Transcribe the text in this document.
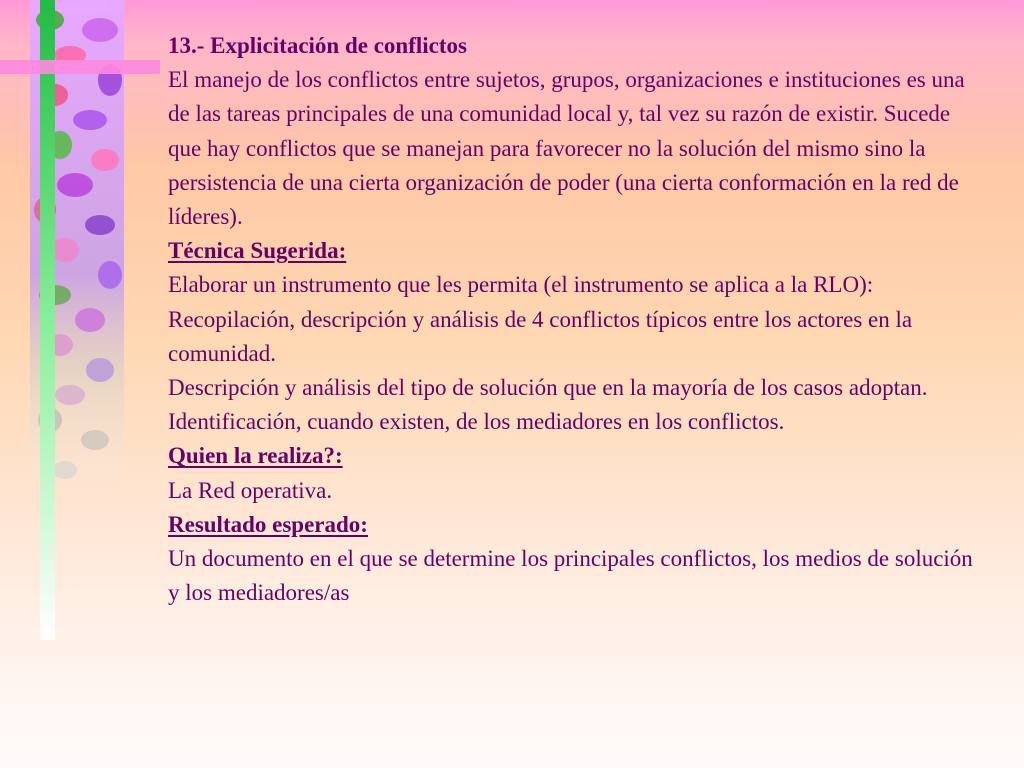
13.- Explicitación de conflictos

El manejo de los conflictos entre sujetos, grupos, organizaciones e instituciones es una de las tareas principales de una comunidad local y, tal vez su razón de existir. Sucede que hay conflictos que se manejan para favorecer no la solución del mismo sino la persistencia de una cierta organización de poder (una cierta conformación en la red de líderes).

Técnica Sugerida:

Elaborar un instrumento que les permita (el instrumento se aplica a la RLO):

Recopilación, descripción y análisis de 4 conflictos típicos entre los actores en la comunidad.

Descripción y análisis del tipo de solución que en la mayoría de los casos adoptan.

Identificación, cuando existen, de los mediadores en los conflictos.

Quien la realiza?:

La Red operativa.

Resultado esperado:

Un documento en el que se determine los principales conflictos, los medios de solución y los mediadores/as
